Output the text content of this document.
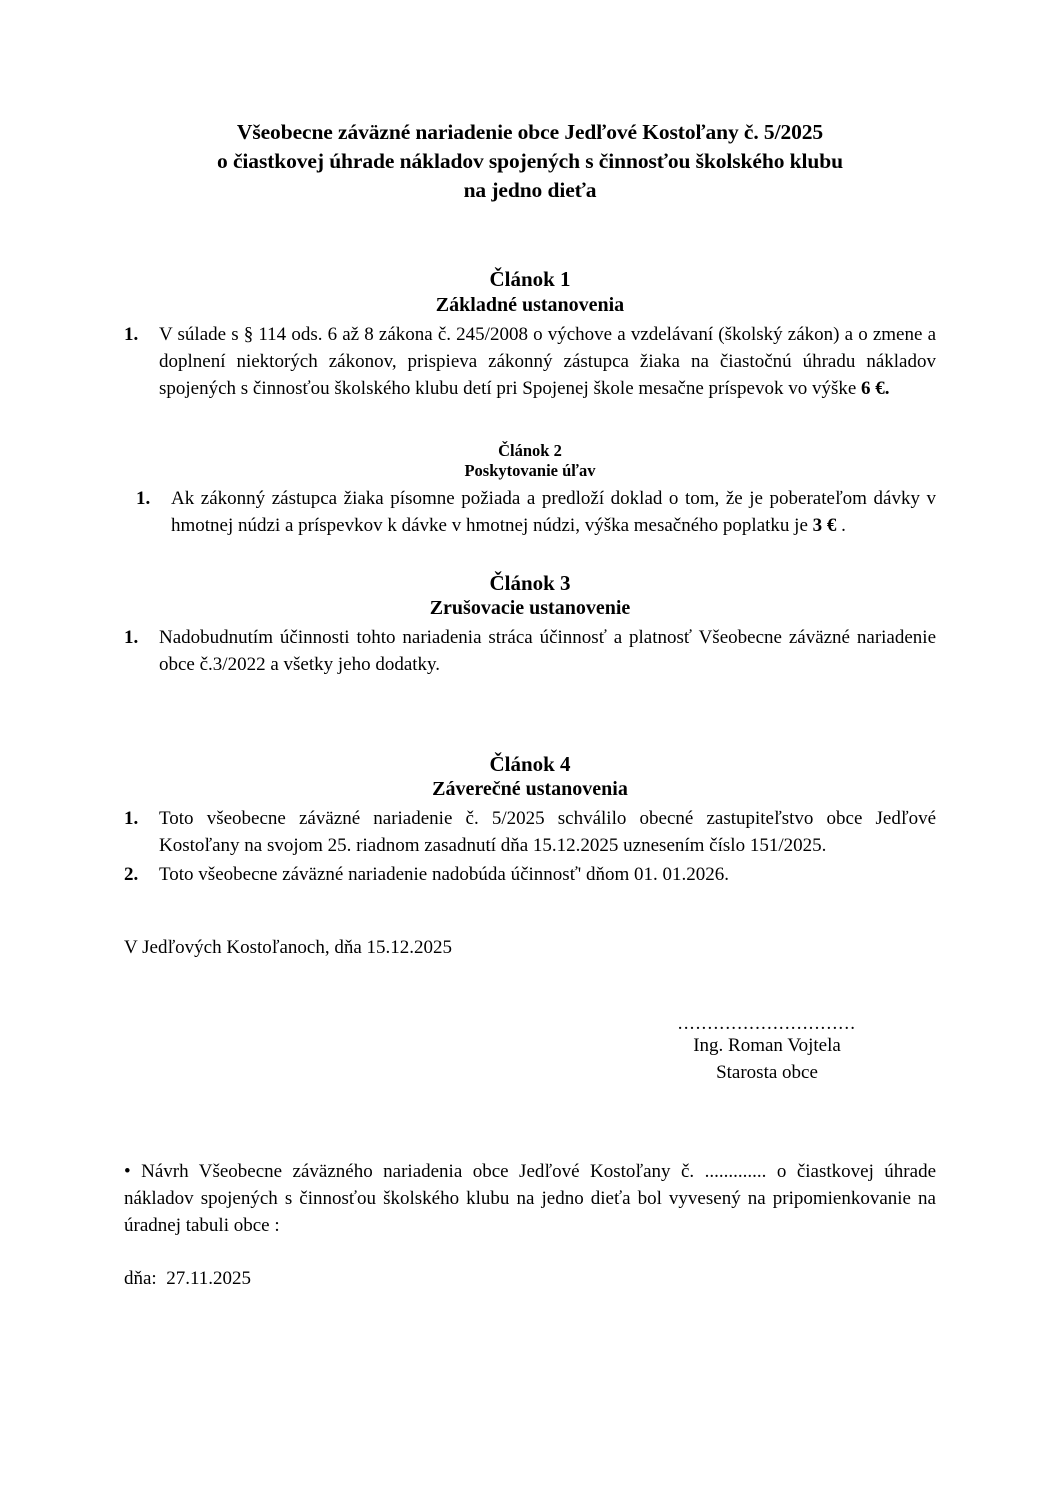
Všeobecne záväzné nariadenie obce Jedľové Kostoľany č. 5/2025
o čiastkovej úhrade nákladov spojených s činnosťou školského klubu
na jedno dieťa
Článok 1
Základné ustanovenia
1. V súlade s § 114 ods. 6 až 8 zákona č. 245/2008 o výchove a vzdelávaní (školský zákon) a o zmene a doplnení niektorých zákonov, prispieva zákonný zástupca žiaka na čiastočnú úhradu nákladov spojených s činnosťou školského klubu detí pri Spojenej škole mesačne príspevok vo výške 6 €.
Článok 2
Poskytovanie úľav
1. Ak zákonný zástupca žiaka písomne požiada a predloží doklad o tom, že je poberateľom dávky v hmotnej núdzi a príspevkov k dávke v hmotnej núdzi, výška mesačného poplatku je 3 € .
Článok 3
Zrušovacie ustanovenie
1. Nadobudnutím účinnosti tohto nariadenia stráca účinnosť a platnosť Všeobecne záväzné nariadenie obce č.3/2022 a všetky jeho dodatky.
Článok 4
Záverečné ustanovenia
1. Toto všeobecne záväzné nariadenie č. 5/2025 schválilo obecné zastupiteľstvo obce Jedľové Kostoľany na svojom 25. riadnom zasadnutí dňa 15.12.2025 uznesením číslo 151/2025.
2. Toto všeobecne záväzné nariadenie nadobúda účinnosť' dňom 01. 01.2026.
V Jedľových Kostoľanoch, dňa 15.12.2025
..............................
Ing. Roman Vojtela
Starosta obce
• Návrh Všeobecne záväzného nariadenia obce Jedľové Kostoľany č. ............. o čiastkovej úhrade nákladov spojených s činnosťou školského klubu na jedno dieťa bol vyvesený na pripomienkovanie na úradnej tabuli obce :
dňa: 27.11.2025
